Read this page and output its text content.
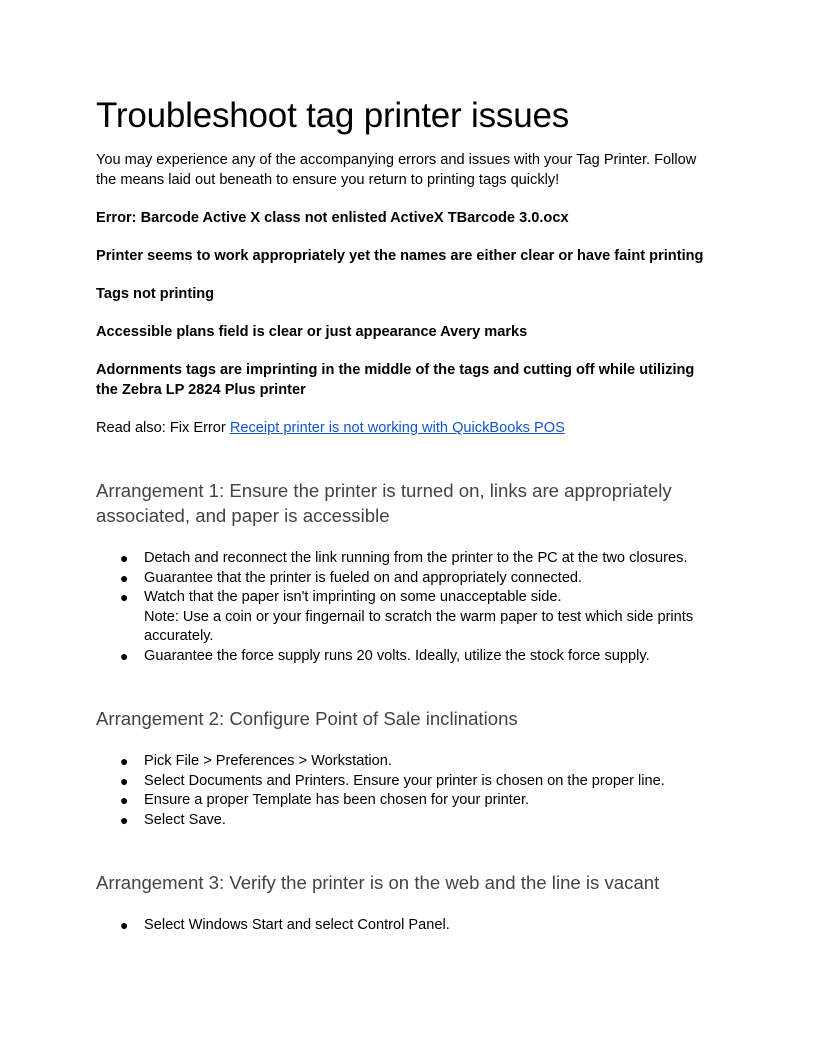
Troubleshoot tag printer issues

You may experience any of the accompanying errors and issues with your Tag Printer. Follow the means laid out beneath to ensure you return to printing tags quickly!

Error: Barcode Active X class not enlisted ActiveX TBarcode 3.0.ocx

Printer seems to work appropriately yet the names are either clear or have faint printing

Tags not printing

Accessible plans field is clear or just appearance Avery marks

Adornments tags are imprinting in the middle of the tags and cutting off while utilizing the Zebra LP 2824 Plus printer

Read also: Fix Error Receipt printer is not working with QuickBooks POS

Arrangement 1: Ensure the printer is turned on, links are appropriately associated, and paper is accessible
● Detach and reconnect the link running from the printer to the PC at the two closures.
● Guarantee that the printer is fueled on and appropriately connected.
● Watch that the paper isn't imprinting on some unacceptable side.
Note: Use a coin or your fingernail to scratch the warm paper to test which side prints accurately.
● Guarantee the force supply runs 20 volts. Ideally, utilize the stock force supply.
Arrangement 2: Configure Point of Sale inclinations
● Pick File > Preferences > Workstation.
● Select Documents and Printers. Ensure your printer is chosen on the proper line.
● Ensure a proper Template has been chosen for your printer.
● Select Save.
Arrangement 3: Verify the printer is on the web and the line is vacant
● Select Windows Start and select Control Panel.
